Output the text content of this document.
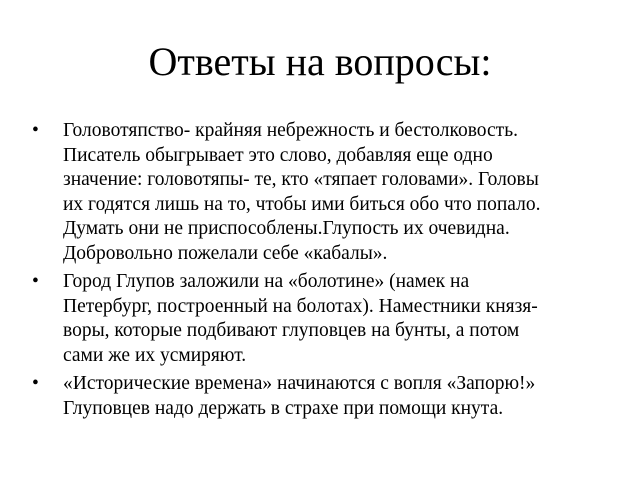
Ответы на вопросы:
• Головотяпство- крайняя небрежность и бестолковость.
Писатель обыгрывает это слово, добавляя еще одно
значение: головотяпы- те, кто «тяпает головами». Головы
их годятся лишь на то, чтобы ими биться обо что попало.
Думать они не приспособлены.Глупость их очевидна.
Добровольно пожелали себе «кабалы».
• Город Глупов заложили на «болотине» (намек на
Петербург, построенный на болотах). Наместники князя-
воры, которые подбивают глуповцев на бунты, а потом
сами же их усмиряют.
• «Исторические времена» начинаются с вопля «Запорю!»
Глуповцев надо держать в страхе при помощи кнута.
